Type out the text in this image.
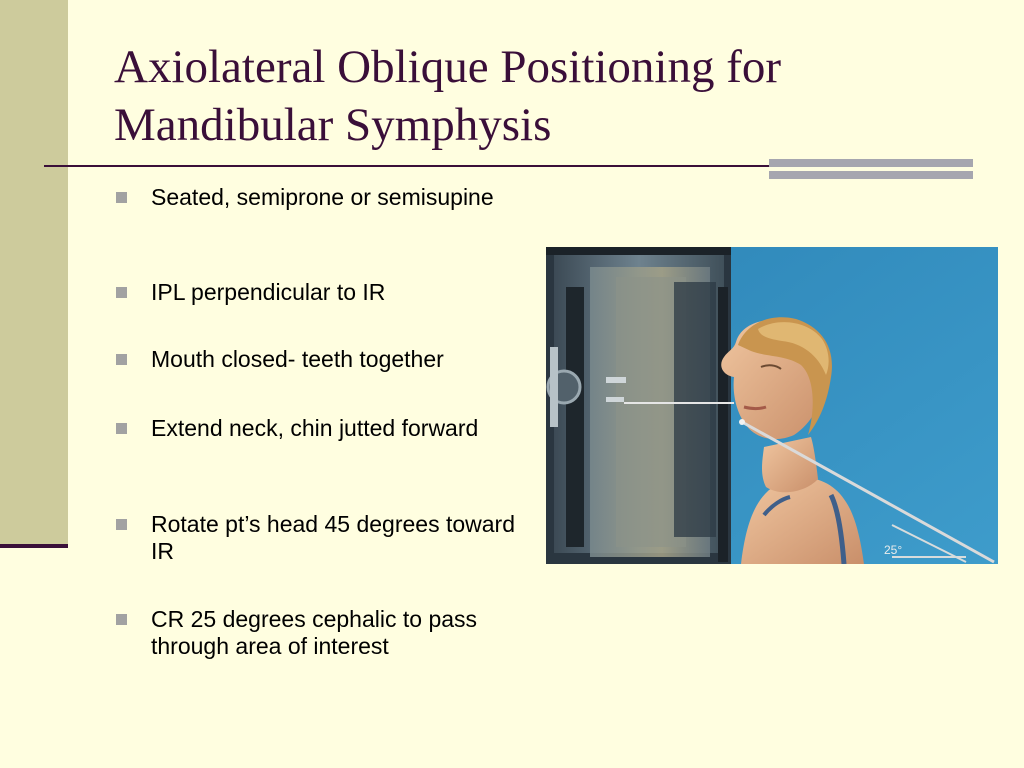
Axiolateral Oblique Positioning for Mandibular Symphysis
Seated, semiprone or semisupine
IPL perpendicular to IR
Mouth closed- teeth together
Extend neck, chin jutted forward
Rotate pt’s head 45 degrees toward IR
CR 25 degrees cephalic to pass through area of interest
25°
